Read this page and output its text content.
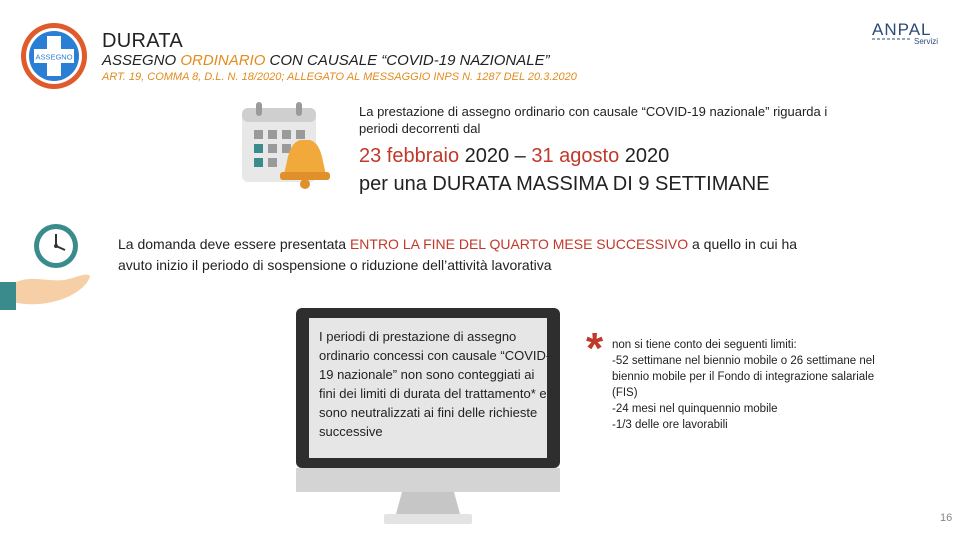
ASSEGNO
DURATA
ASSEGNO ORDINARIO CON CAUSALE “COVID-19 NAZIONALE”
ART. 19, COMMA 8, D.L. N. 18/2020; ALLEGATO AL MESSAGGIO INPS N. 1287 DEL 20.3.2020
ANPAL
Servizi
La prestazione di assegno ordinario con causale “COVID-19 nazionale” riguarda i periodi decorrenti dal
23 febbraio 2020 – 31 agosto 2020
per una DURATA MASSIMA DI 9 SETTIMANE
La domanda deve essere presentata ENTRO LA FINE DEL QUARTO MESE SUCCESSIVO a quello in cui ha avuto inizio il periodo di sospensione o riduzione dell’attività lavorativa
I periodi di prestazione di assegno ordinario concessi con causale “COVID-19 nazionale” non sono conteggiati ai fini dei limiti di durata del trattamento* e sono neutralizzati ai fini delle richieste successive
* non si tiene conto dei seguenti limiti:
-52 settimane nel biennio mobile o 26 settimane nel biennio mobile per il Fondo di integrazione salariale (FIS)
-24 mesi nel quinquennio mobile
-1/3 delle ore lavorabili
16
